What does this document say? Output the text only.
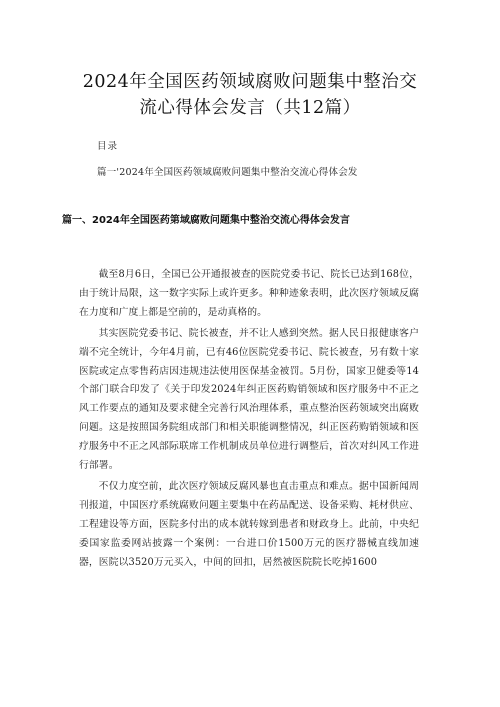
2024年全国医药领域腐败问题集中整治交
流心得体会发言（共12篇）
目录
篇一'2024年全国医药领域腐败问题集中整治交流心得体会发
篇一、2024年全国医药第域腐败问题集中整治交流心得体会发言

截至8月6日，全国已公开通报被查的医院党委书记、院长已达到168位，由于统计局限，这一数字实际上或许更多。种种迹象表明，此次医疗领域反腐在力度和广度上都是空前的，是动真格的。

其实医院党委书记、院长被查，并不让人感到突然。据人民日报健康客户端不完全统计，今年4月前，已有46位医院党委书记、院长被查，另有数十家医院或定点零售药店因违规违法使用医保基金被罚。5月份，国家卫健委等14个部门联合印发了《关于印发2024年纠正医药购销领域和医疗服务中不正之风工作要点的通知及要求健全完善行风治理体系，重点整治医药领域突出腐败问题。这是按照国务院组成部门和相关职能调整情况，纠正医药购销领域和医疗服务中不正之风部际联席工作机制成员单位进行调整后，首次对纠风工作进行部署。

不仅力度空前，此次医疗领域反腐风暴也直击重点和难点。据中国新闻周刊报道，中国医疗系统腐败问题主要集中在药品配送、设备采购、耗材供应、工程建设等方面，医院多付出的成本就转嫁到患者和财政身上。此前，中央纪委国家监委网站披露一个案例：一台进口价1500万元的医疗器械直线加速器，医院以3520万元买入，中间的回扣，居然被医院院长吃掉1600
